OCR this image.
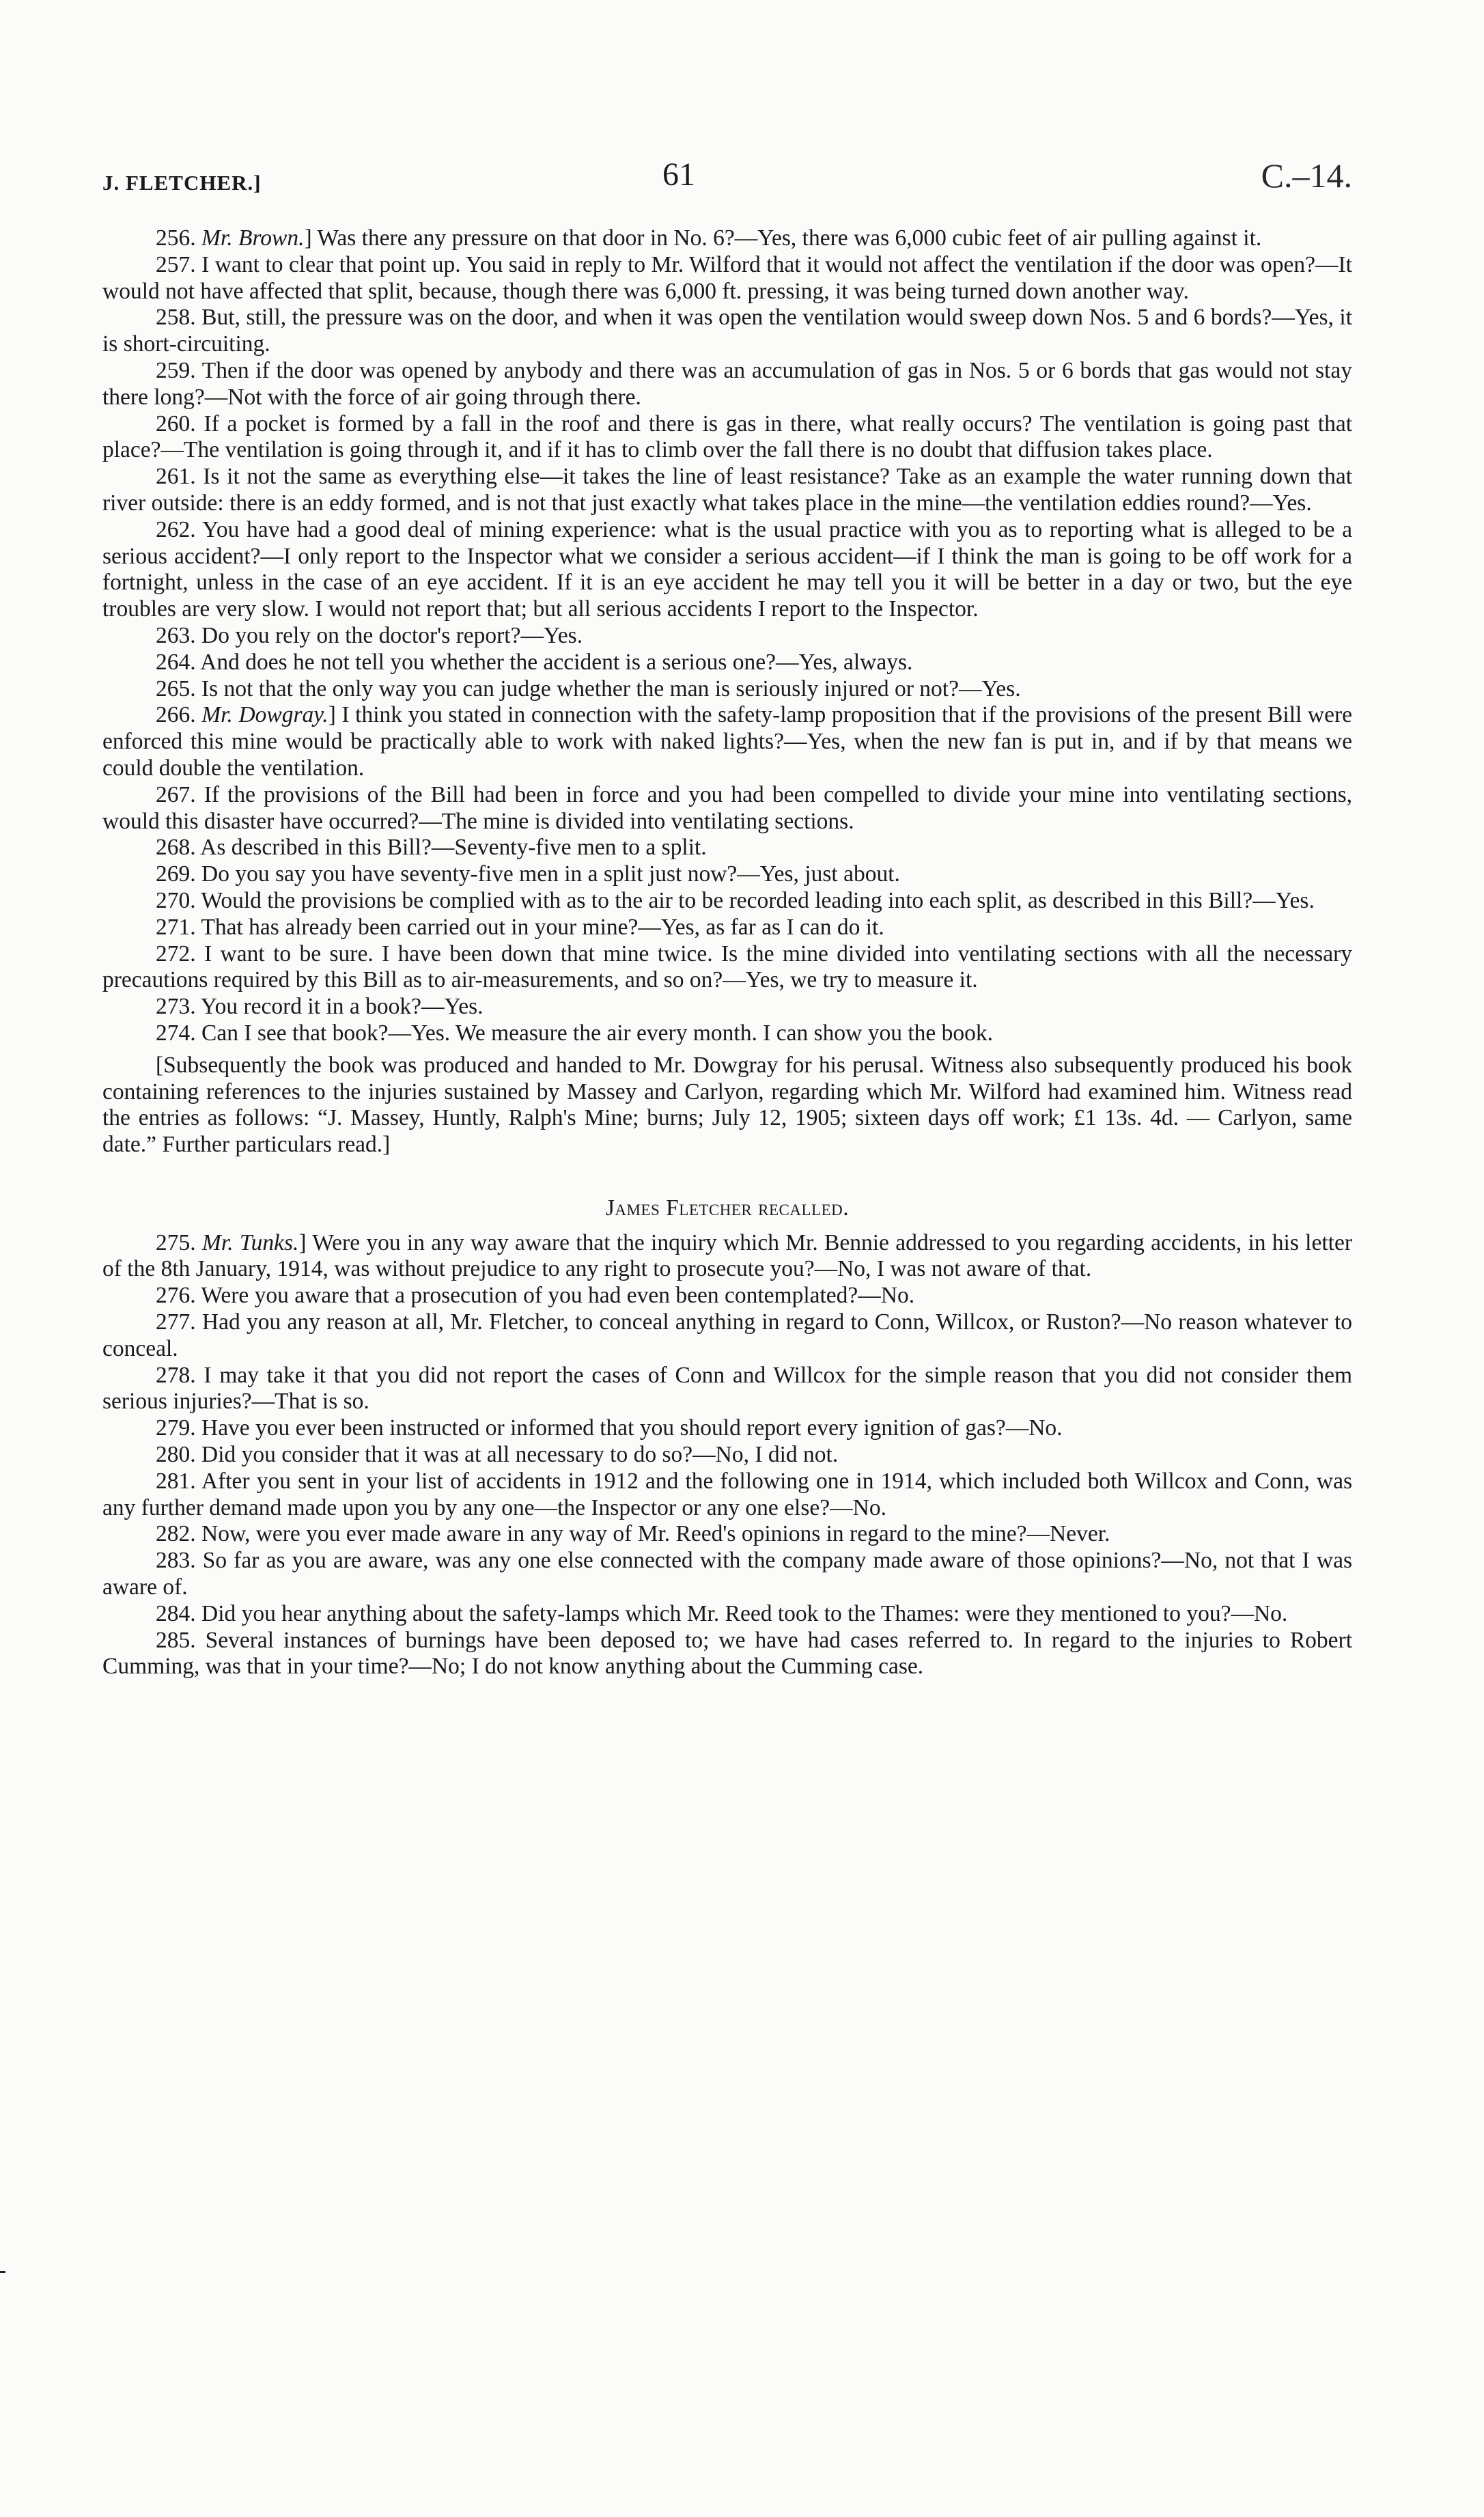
J. FLETCHER.]	61	C.–14.

256. Mr. Brown.] Was there any pressure on that door in No. 6?—Yes, there was 6,000 cubic feet of air pulling against it.

257. I want to clear that point up. You said in reply to Mr. Wilford that it would not affect the ventilation if the door was open?—It would not have affected that split, because, though there was 6,000 ft. pressing, it was being turned down another way.

258. But, still, the pressure was on the door, and when it was open the ventilation would sweep down Nos. 5 and 6 bords?—Yes, it is short-circuiting.

259. Then if the door was opened by anybody and there was an accumulation of gas in Nos. 5 or 6 bords that gas would not stay there long?—Not with the force of air going through there.

260. If a pocket is formed by a fall in the roof and there is gas in there, what really occurs? The ventilation is going past that place?—The ventilation is going through it, and if it has to climb over the fall there is no doubt that diffusion takes place.

261. Is it not the same as everything else—it takes the line of least resistance? Take as an example the water running down that river outside: there is an eddy formed, and is not that just exactly what takes place in the mine—the ventilation eddies round?—Yes.

262. You have had a good deal of mining experience: what is the usual practice with you as to reporting what is alleged to be a serious accident?—I only report to the Inspector what we consider a serious accident—if I think the man is going to be off work for a fortnight, unless in the case of an eye accident. If it is an eye accident he may tell you it will be better in a day or two, but the eye troubles are very slow. I would not report that; but all serious accidents I report to the Inspector.

263. Do you rely on the doctor's report?—Yes.

264. And does he not tell you whether the accident is a serious one?—Yes, always.

265. Is not that the only way you can judge whether the man is seriously injured or not?—Yes.

266. Mr. Dowgray.] I think you stated in connection with the safety-lamp proposition that if the provisions of the present Bill were enforced this mine would be practically able to work with naked lights?—Yes, when the new fan is put in, and if by that means we could double the ventilation.

267. If the provisions of the Bill had been in force and you had been compelled to divide your mine into ventilating sections, would this disaster have occurred?—The mine is divided into ventilating sections.

268. As described in this Bill?—Seventy-five men to a split.

269. Do you say you have seventy-five men in a split just now?—Yes, just about.

270. Would the provisions be complied with as to the air to be recorded leading into each split, as described in this Bill?—Yes.

271. That has already been carried out in your mine?—Yes, as far as I can do it.

272. I want to be sure. I have been down that mine twice. Is the mine divided into ventilating sections with all the necessary precautions required by this Bill as to air-measurements, and so on?—Yes, we try to measure it.

273. You record it in a book?—Yes.

274. Can I see that book?—Yes. We measure the air every month. I can show you the book.

[Subsequently the book was produced and handed to Mr. Dowgray for his perusal. Witness also subsequently produced his book containing references to the injuries sustained by Massey and Carlyon, regarding which Mr. Wilford had examined him. Witness read the entries as follows: “J. Massey, Huntly, Ralph's Mine; burns; July 12, 1905; sixteen days off work; £1 13s. 4d. — Carlyon, same date.” Further particulars read.]

James Fletcher recalled.

275. Mr. Tunks.] Were you in any way aware that the inquiry which Mr. Bennie addressed to you regarding accidents, in his letter of the 8th January, 1914, was without prejudice to any right to prosecute you?—No, I was not aware of that.

276. Were you aware that a prosecution of you had even been contemplated?—No.

277. Had you any reason at all, Mr. Fletcher, to conceal anything in regard to Conn, Willcox, or Ruston?—No reason whatever to conceal.

278. I may take it that you did not report the cases of Conn and Willcox for the simple reason that you did not consider them serious injuries?—That is so.

279. Have you ever been instructed or informed that you should report every ignition of gas?—No.

280. Did you consider that it was at all necessary to do so?—No, I did not.

281. After you sent in your list of accidents in 1912 and the following one in 1914, which included both Willcox and Conn, was any further demand made upon you by any one—the Inspector or any one else?—No.

282. Now, were you ever made aware in any way of Mr. Reed's opinions in regard to the mine?—Never.

283. So far as you are aware, was any one else connected with the company made aware of those opinions?—No, not that I was aware of.

284. Did you hear anything about the safety-lamps which Mr. Reed took to the Thames: were they mentioned to you?—No.

285. Several instances of burnings have been deposed to; we have had cases referred to. In regard to the injuries to Robert Cumming, was that in your time?—No; I do not know anything about the Cumming case.
